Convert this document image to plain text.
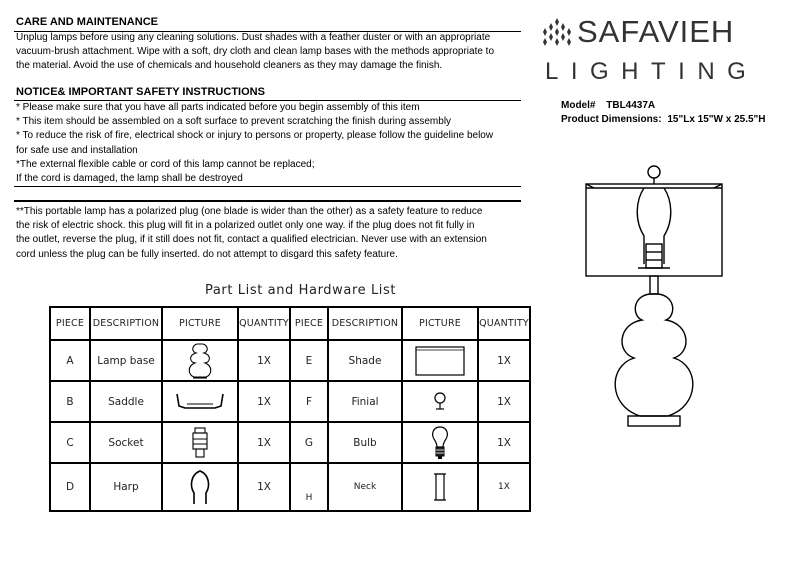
CARE AND MAINTENANCE
Unplug lamps before using any cleaning solutions. Dust shades with a feather duster or with an appropriate
vacuum-brush attachment. Wipe with a soft, dry cloth and clean lamp bases with the methods appropriate to
the material. Avoid the use of chemicals and household cleaners as they may damage the finish.
NOTICE& IMPORTANT SAFETY INSTRUCTIONS
* Please make sure that you have all parts indicated before you begin assembly of this item
* This item should be assembled on a soft surface to prevent scratching the finish during assembly
* To reduce the risk of fire, electrical shock or injury to persons or property, please follow the guideline below
for safe use and installation
*The external flexible cable or cord of this lamp cannot be replaced;
If the cord is damaged, the lamp shall be destroyed
**This portable lamp has a polarized plug (one blade is wider than the other) as a safety feature to reduce
the risk of electric shock. this plug will fit in a polarized outlet only one way. if the plug does not fit fully in
the outlet, reverse the plug, if it still does not fit, contact a qualified electrician. Never use with an extension
cord unless the plug can be fully inserted. do not attempt to disgard this safety feature.
SAFAVIEH
LIGHTING
Model# TBL4437A
Product Dimensions: 15"Lx 15"W x 25.5"H
Part List and Hardware List
PIECE	DESCRIPTION	PICTURE	QUANTITY	PIECE	DESCRIPTION	PICTURE	QUANTITY
A	Lamp base		1X	E	Shade		1X
B	Saddle		1X	F	Finial		1X
C	Socket		1X	G	Bulb		1X
D	Harp		1X	H	Neck		1X
